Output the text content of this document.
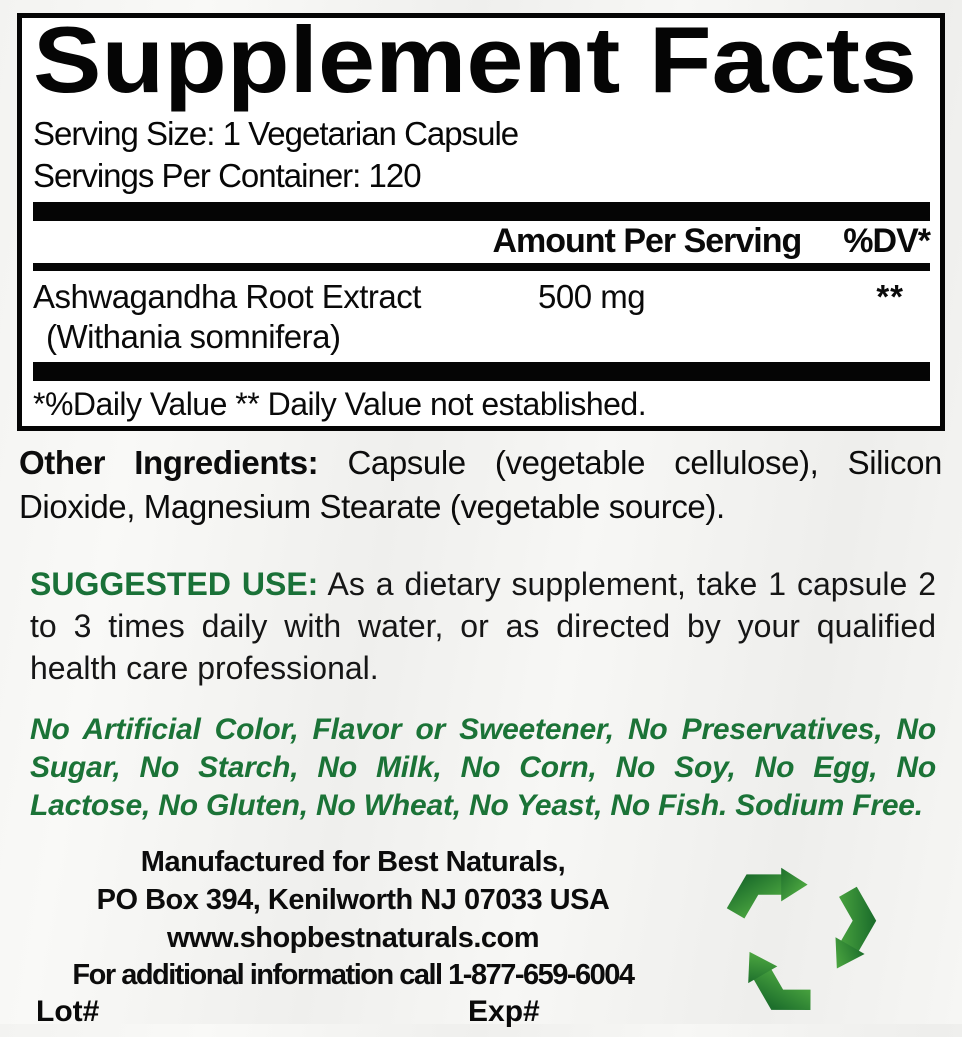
Supplement Facts
Serving Size: 1 Vegetarian Capsule
Servings Per Container: 120
Amount Per Serving %DV*
Ashwagandha Root Extract	500 mg	**
(Withania somnifera)
*%Daily Value ** Daily Value not established.

Other Ingredients: Capsule (vegetable cellulose), Silicon Dioxide, Magnesium Stearate (vegetable source).

SUGGESTED USE: As a dietary supplement, take 1 capsule 2 to 3 times daily with water, or as directed by your qualified health care professional.

No Artificial Color, Flavor or Sweetener, No Preservatives, No Sugar, No Starch, No Milk, No Corn, No Soy, No Egg, No Lactose, No Gluten, No Wheat, No Yeast, No Fish. Sodium Free.

Manufactured for Best Naturals,
PO Box 394, Kenilworth NJ 07033 USA
www.shopbestnaturals.com
For additional information call 1-877-659-6004
Lot#	Exp#
